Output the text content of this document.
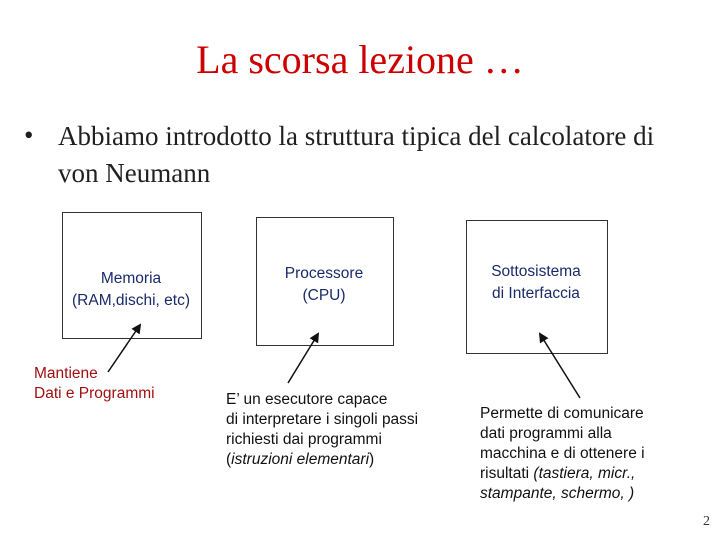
La scorsa lezione …
• Abbiamo introdotto la struttura tipica del calcolatore di von Neumann
Memoria
(RAM,dischi, etc)
Processore
(CPU)
Sottosistema
di Interfaccia
Mantiene
Dati e Programmi	E’ un esecutore capace
di interpretare i singoli passi
richiesti dai programmi
(istruzioni elementari)
Permette di comunicare
dati programmi alla
macchina e di ottenere i
risultati (tastiera, micr.,
stampante, schermo, )
2
